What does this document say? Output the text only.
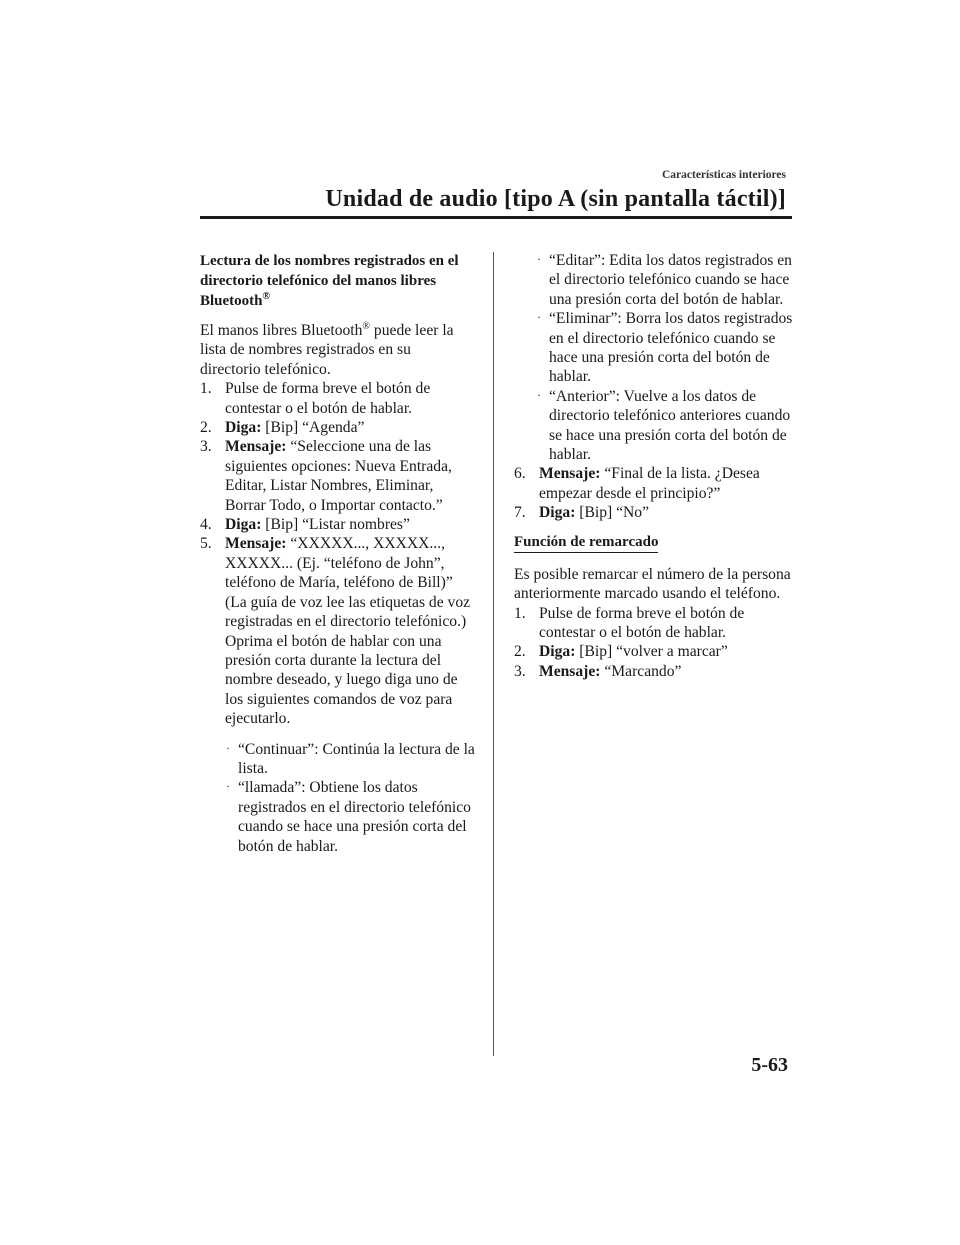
Características interiores
Unidad de audio [tipo A (sin pantalla táctil)]

Lectura de los nombres registrados en el directorio telefónico del manos libres Bluetooth®

El manos libres Bluetooth® puede leer la lista de nombres registrados en su directorio telefónico.

1. Pulse de forma breve el botón de contestar o el botón de hablar.
2. Diga: [Bip] “Agenda”
3. Mensaje: “Seleccione una de las siguientes opciones: Nueva Entrada, Editar, Listar Nombres, Eliminar, Borrar Todo, o Importar contacto.”
4. Diga: [Bip] “Listar nombres”
5. Mensaje: “XXXXX..., XXXXX..., XXXXX... (Ej. “teléfono de John”, teléfono de María, teléfono de Bill)” (La guía de voz lee las etiquetas de voz registradas en el directorio telefónico.) Oprima el botón de hablar con una presión corta durante la lectura del nombre deseado, y luego diga uno de los siguientes comandos de voz para ejecutarlo.
· “Continuar”: Continúa la lectura de la lista.
· “llamada”: Obtiene los datos registrados en el directorio telefónico cuando se hace una presión corta del botón de hablar.
· “Editar”: Edita los datos registrados en el directorio telefónico cuando se hace una presión corta del botón de hablar.
· “Eliminar”: Borra los datos registrados en el directorio telefónico cuando se hace una presión corta del botón de hablar.
· “Anterior”: Vuelve a los datos de directorio telefónico anteriores cuando se hace una presión corta del botón de hablar.
6. Mensaje: “Final de la lista. ¿Desea empezar desde el principio?”
7. Diga: [Bip] “No”
Función de remarcado

Es posible remarcar el número de la persona anteriormente marcado usando el teléfono.

1. Pulse de forma breve el botón de contestar o el botón de hablar.
2. Diga: [Bip] “volver a marcar”
3. Mensaje: “Marcando”
5-63
